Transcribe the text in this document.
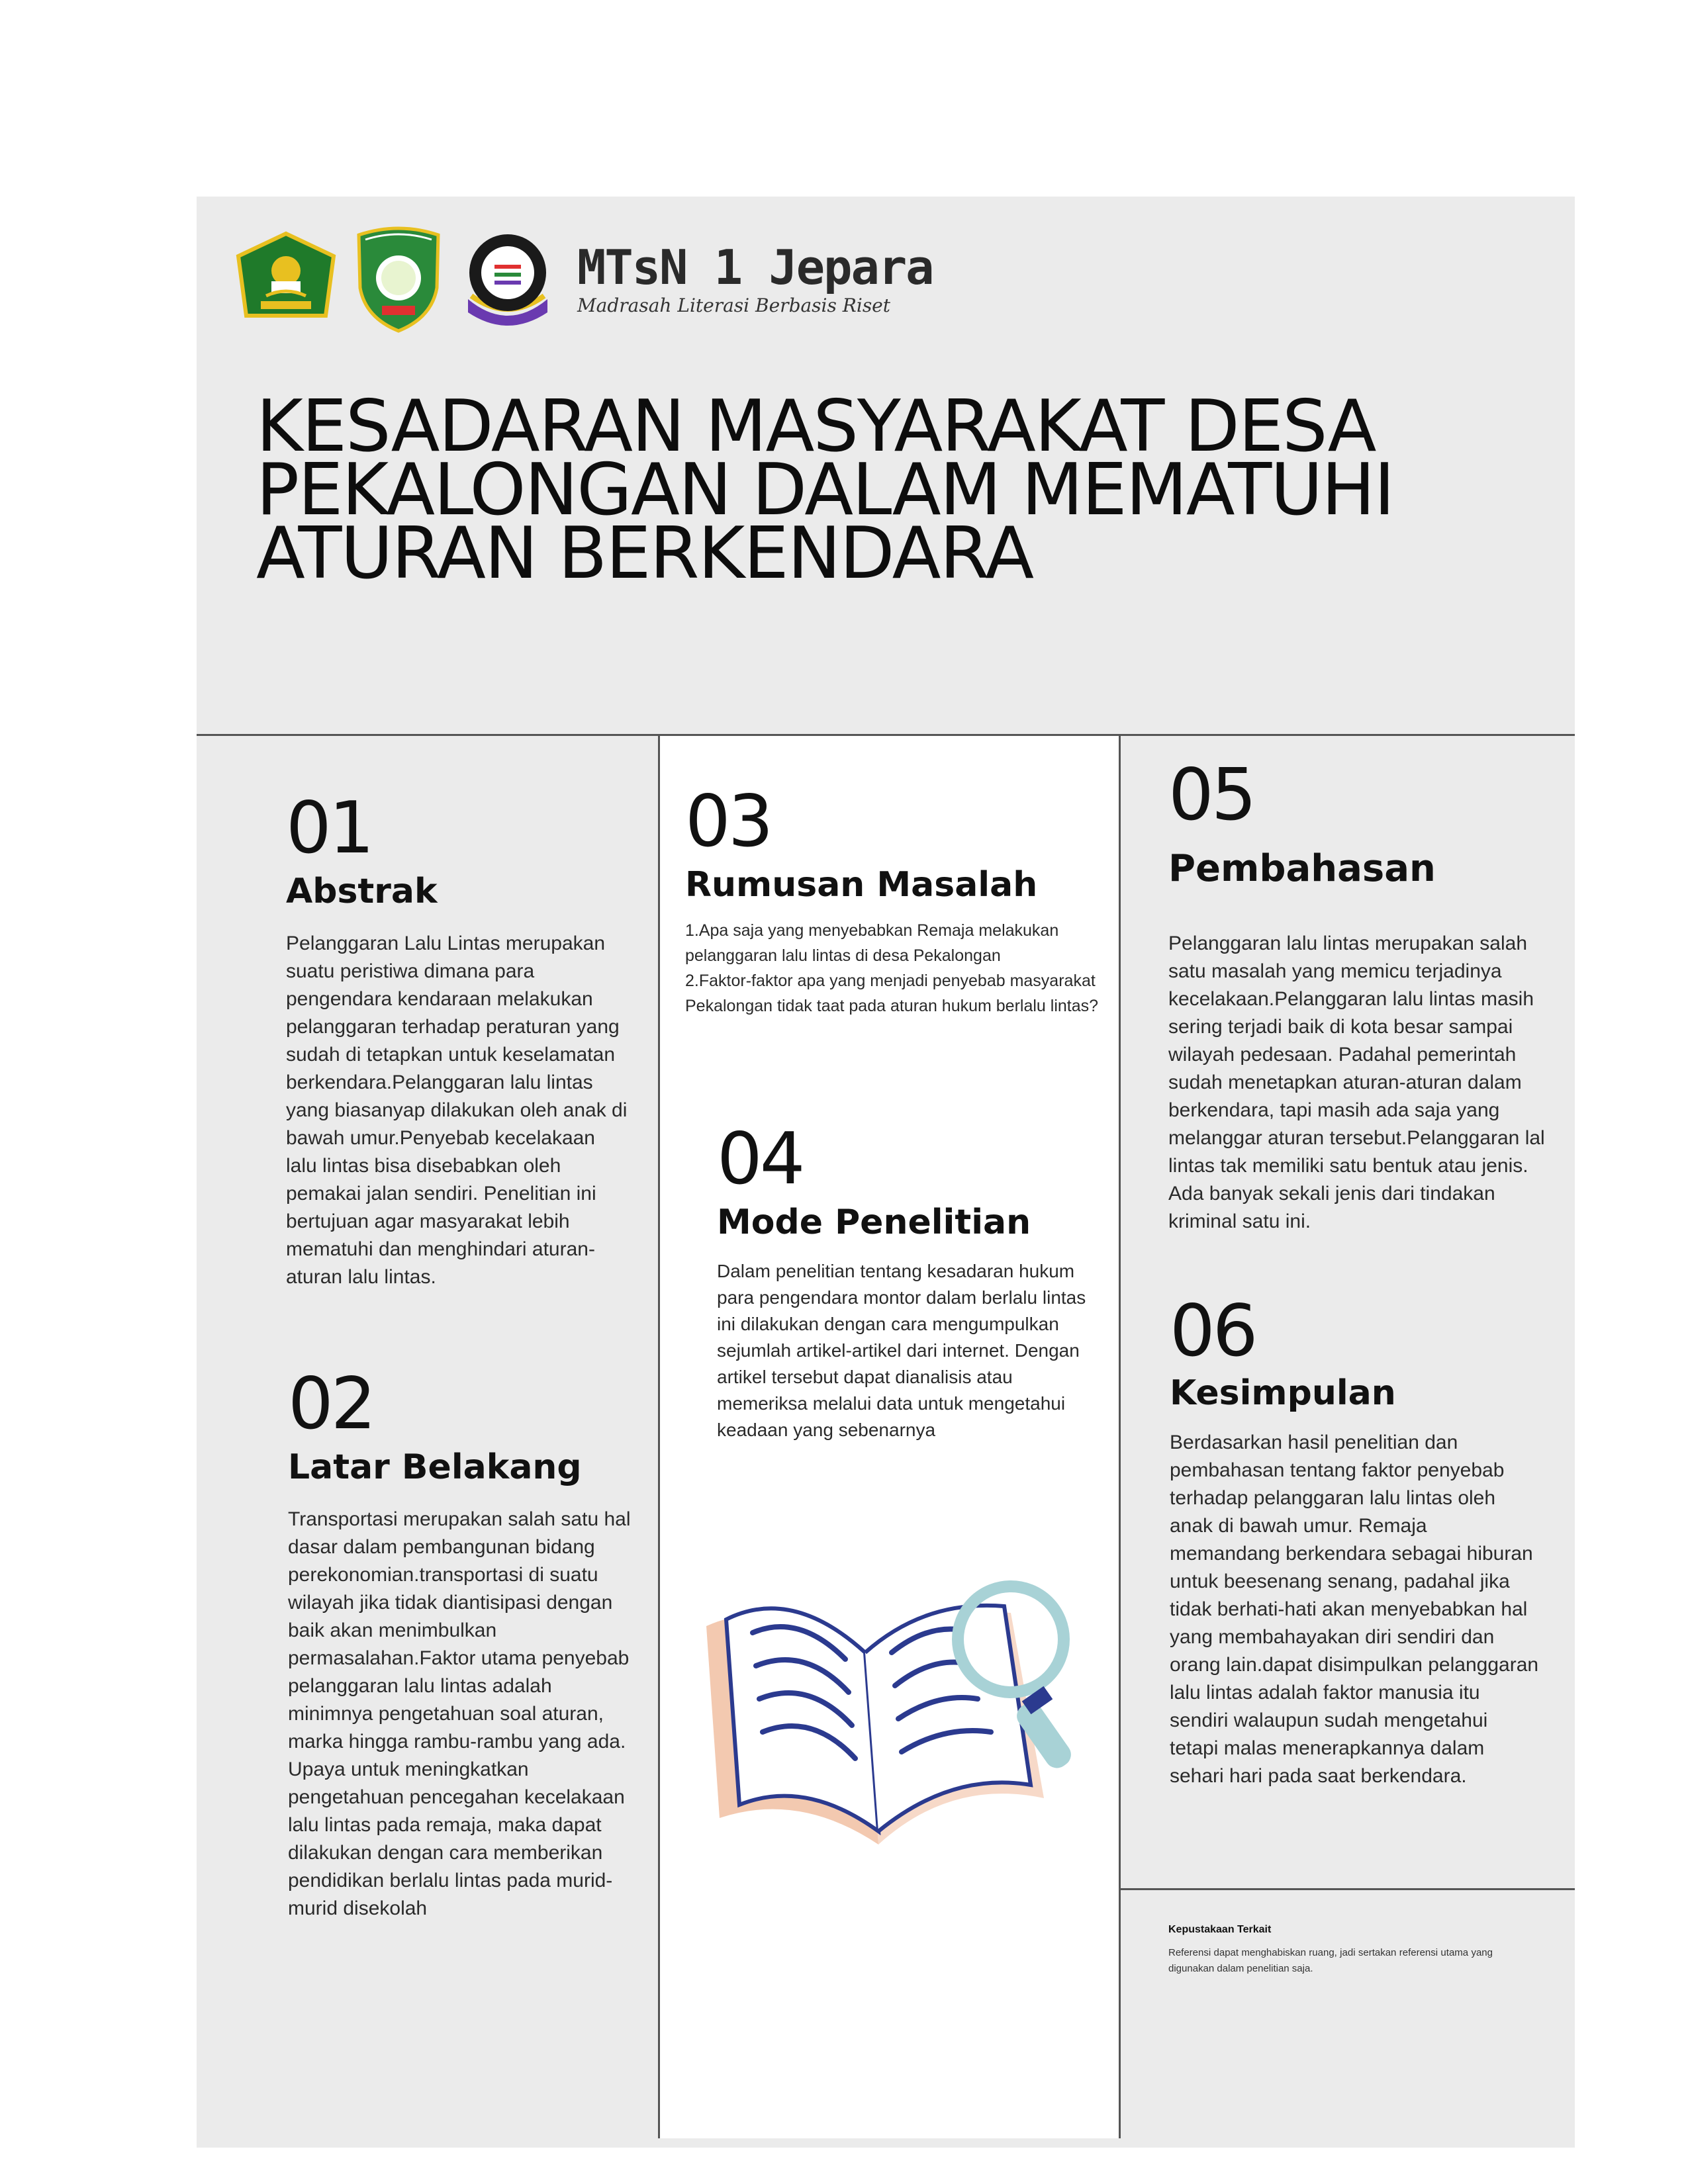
MTsN 1 Jepara
Madrasah Literasi Berbasis Riset
KESADARAN MASYARAKAT DESA PEKALONGAN DALAM MEMATUHI ATURAN BERKENDARA
01
Abstrak
Pelanggaran Lalu Lintas merupakan suatu peristiwa dimana para pengendara kendaraan melakukan pelanggaran terhadap peraturan yang sudah di tetapkan untuk keselamatan berkendara.Pelanggaran lalu lintas yang biasanyap dilakukan oleh anak di bawah umur.Penyebab kecelakaan lalu lintas bisa disebabkan oleh pemakai jalan sendiri. Penelitian ini bertujuan agar masyarakat lebih mematuhi dan menghindari aturan-aturan lalu lintas.
02
Latar Belakang
Transportasi merupakan salah satu hal dasar dalam pembangunan bidang perekonomian.transportasi di suatu wilayah jika tidak diantisipasi dengan baik akan menimbulkan permasalahan.Faktor utama penyebab pelanggaran lalu lintas adalah minimnya pengetahuan soal aturan, marka hingga rambu-rambu yang ada. Upaya untuk meningkatkan pengetahuan pencegahan kecelakaan lalu lintas pada remaja, maka dapat dilakukan dengan cara memberikan pendidikan berlalu lintas pada murid-murid disekolah
03
Rumusan Masalah
1.Apa saja yang menyebabkan Remaja melakukan pelanggaran lalu lintas di desa Pekalongan
2.Faktor-faktor apa yang menjadi penyebab masyarakat Pekalongan tidak taat pada aturan hukum berlalu lintas?
04
Mode Penelitian
Dalam penelitian tentang kesadaran hukum para pengendara montor dalam berlalu lintas ini dilakukan dengan cara mengumpulkan sejumlah artikel-artikel dari internet. Dengan artikel tersebut dapat dianalisis atau memeriksa melalui data untuk mengetahui keadaan yang sebenarnya
05
Pembahasan
Pelanggaran lalu lintas merupakan salah satu masalah yang memicu terjadinya kecelakaan.Pelanggaran lalu lintas masih sering terjadi baik di kota besar sampai wilayah pedesaan. Padahal pemerintah sudah menetapkan aturan-aturan dalam berkendara, tapi masih ada saja yang melanggar aturan tersebut.Pelanggaran lal lintas tak memiliki satu bentuk atau jenis. Ada banyak sekali jenis dari tindakan kriminal satu ini.
06
Kesimpulan
Berdasarkan hasil penelitian dan pembahasan tentang faktor penyebab terhadap pelanggaran lalu lintas oleh anak di bawah umur. Remaja memandang berkendara sebagai hiburan untuk beesenang senang, padahal jika tidak berhati-hati akan menyebabkan hal yang membahayakan diri sendiri dan orang lain.dapat disimpulkan pelanggaran lalu lintas adalah faktor manusia itu sendiri walaupun sudah mengetahui tetapi malas menerapkannya dalam sehari hari pada saat berkendara.
Kepustakaan Terkait
Referensi dapat menghabiskan ruang, jadi sertakan referensi utama yang digunakan dalam penelitian saja.
